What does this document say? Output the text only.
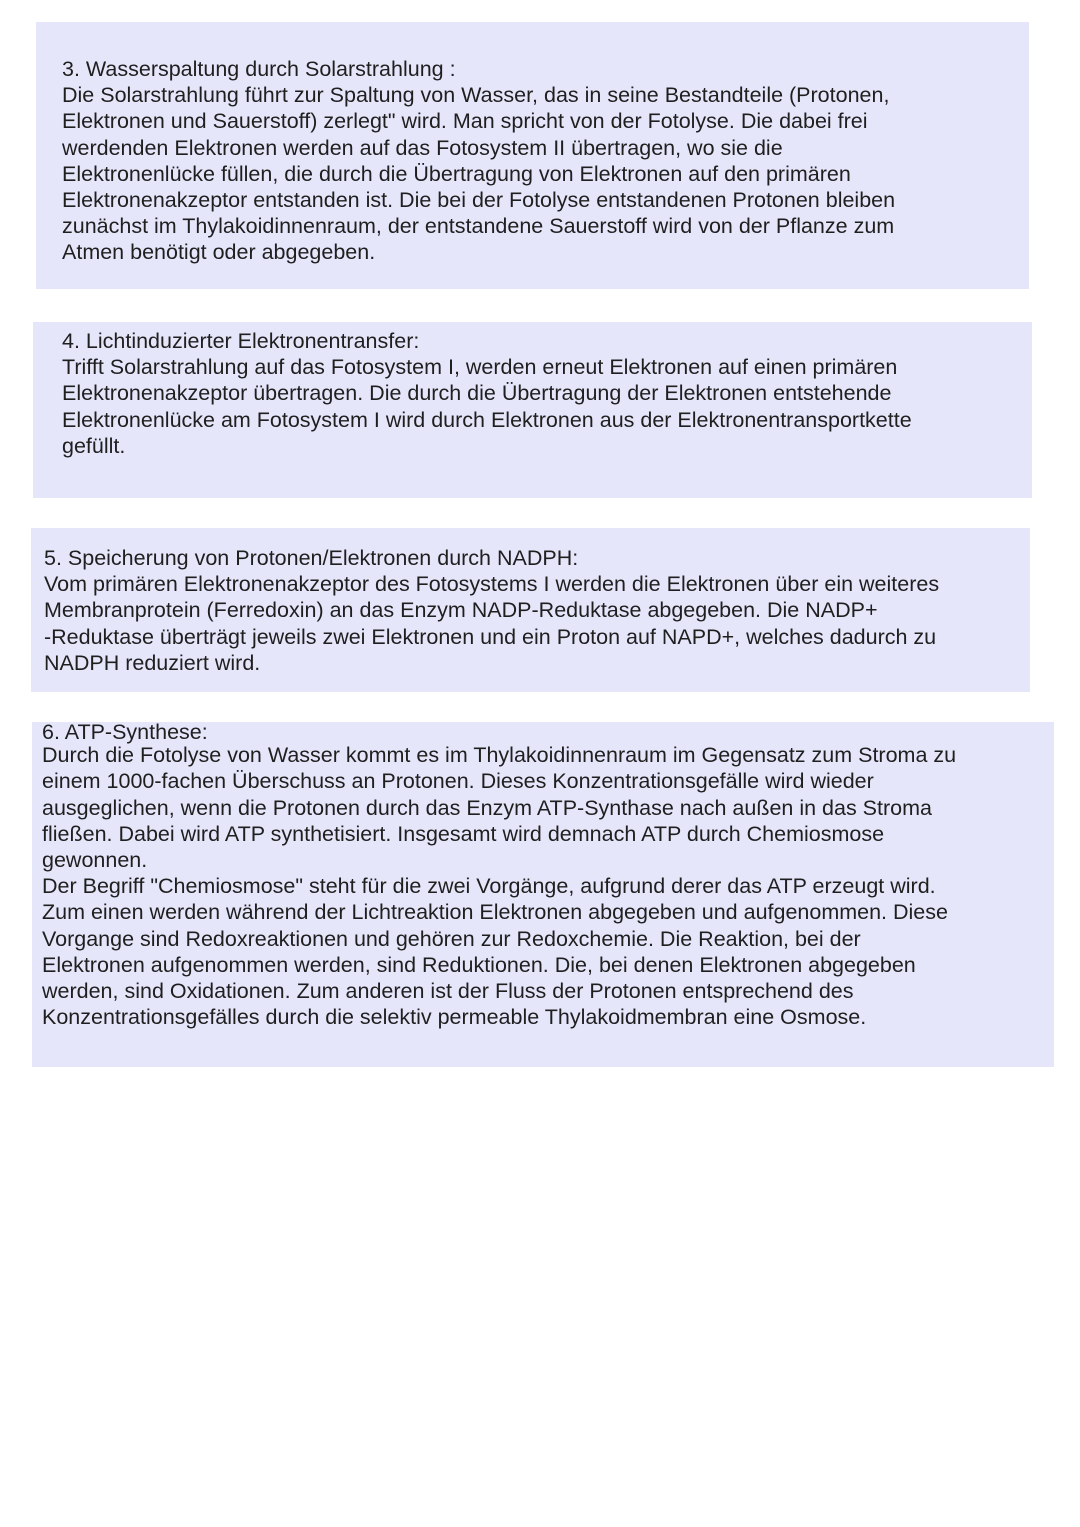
3. Wasserspaltung durch Solarstrahlung :

Die Solarstrahlung führt zur Spaltung von Wasser, das in seine Bestandteile (Protonen,
Elektronen und Sauerstoff) zerlegt" wird. Man spricht von der Fotolyse. Die dabei frei
werdenden Elektronen werden auf das Fotosystem II übertragen, wo sie die
Elektronenlücke füllen, die durch die Übertragung von Elektronen auf den primären
Elektronenakzeptor entstanden ist. Die bei der Fotolyse entstandenen Protonen bleiben
zunächst im Thylakoidinnenraum, der entstandene Sauerstoff wird von der Pflanze zum
Atmen benötigt oder abgegeben.

4. Lichtinduzierter Elektronentransfer:

Trifft Solarstrahlung auf das Fotosystem I, werden erneut Elektronen auf einen primären
Elektronenakzeptor übertragen. Die durch die Übertragung der Elektronen entstehende
Elektronenlücke am Fotosystem I wird durch Elektronen aus der Elektronentransportkette
gefüllt.

5. Speicherung von Protonen/Elektronen durch NADPH:

Vom primären Elektronenakzeptor des Fotosystems I werden die Elektronen über ein weiteres
Membranprotein (Ferredoxin) an das Enzym NADP-Reduktase abgegeben. Die NADP+
-Reduktase überträgt jeweils zwei Elektronen und ein Proton auf NAPD+, welches dadurch zu
NADPH reduziert wird.

6. ATP-Synthese:

Durch die Fotolyse von Wasser kommt es im Thylakoidinnenraum im Gegensatz zum Stroma zu
einem 1000-fachen Überschuss an Protonen. Dieses Konzentrationsgefälle wird wieder
ausgeglichen, wenn die Protonen durch das Enzym ATP-Synthase nach außen in das Stroma
fließen. Dabei wird ATP synthetisiert. Insgesamt wird demnach ATP durch Chemiosmose
gewonnen.
Der Begriff "Chemiosmose" steht für die zwei Vorgänge, aufgrund derer das ATP erzeugt wird.
Zum einen werden während der Lichtreaktion Elektronen abgegeben und aufgenommen. Diese
Vorgange sind Redoxreaktionen und gehören zur Redoxchemie. Die Reaktion, bei der
Elektronen aufgenommen werden, sind Reduktionen. Die, bei denen Elektronen abgegeben
werden, sind Oxidationen. Zum anderen ist der Fluss der Protonen entsprechend des
Konzentrationsgefälles durch die selektiv permeable Thylakoidmembran eine Osmose.
